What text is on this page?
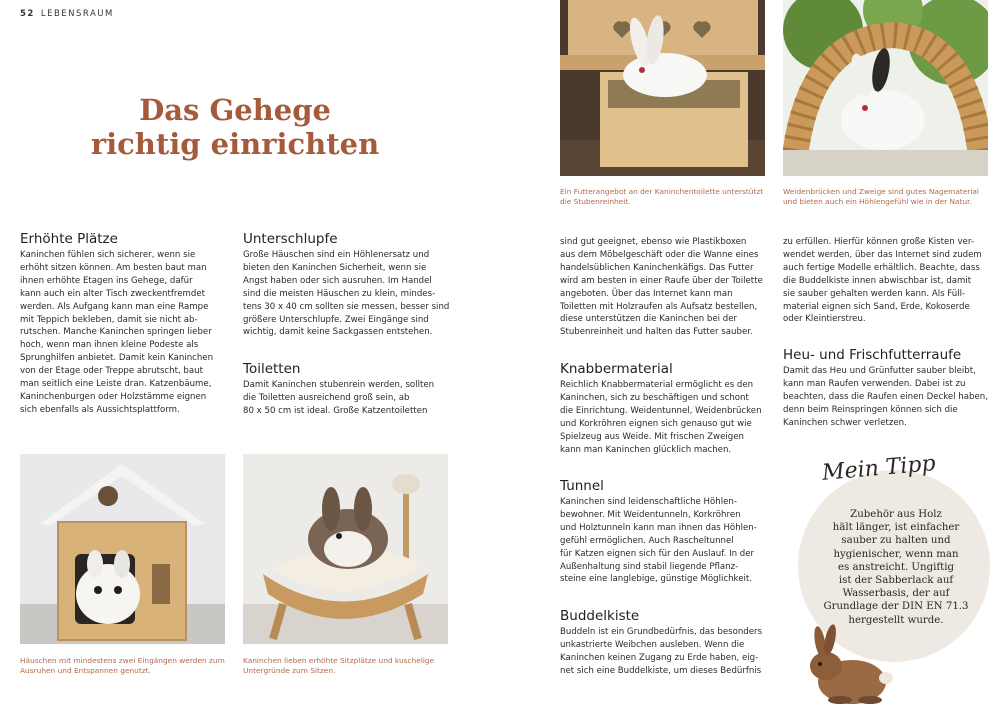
52 LEBENSRAUM
Das Gehege
richtig einrichten
Erhöhte Plätze
Kaninchen fühlen sich sicherer, wenn sie
erhöht sitzen können. Am besten baut man
ihnen erhöhte Etagen ins Gehege, dafür
kann auch ein alter Tisch zweckentfremdet
werden. Als Aufgang kann man eine Rampe
mit Teppich bekleben, damit sie nicht ab-
rutschen. Manche Kaninchen springen lieber
hoch, wenn man ihnen kleine Podeste als
Sprunghilfen anbietet. Damit kein Kaninchen
von der Etage oder Treppe abrutscht, baut
man seitlich eine Leiste dran. Katzenbäume,
Kaninchenburgen oder Holzstämme eignen
sich ebenfalls als Aussichtsplattform.
Unterschlupfe
Große Häuschen sind ein Höhlenersatz und
bieten den Kaninchen Sicherheit, wenn sie
Angst haben oder sich ausruhen. Im Handel
sind die meisten Häuschen zu klein, mindes-
tens 30 x 40 cm sollten sie messen, besser sind
größere Unterschlupfe. Zwei Eingänge sind
wichtig, damit keine Sackgassen entstehen.
Toiletten
Damit Kaninchen stubenrein werden, sollten
die Toiletten ausreichend groß sein, ab
80 x 50 cm ist ideal. Große Katzentoiletten
Häuschen mit mindestens zwei Eingängen werden zum
Ausruhen und Entspannen genutzt.
Kaninchen lieben erhöhte Sitzplätze und kuschelige
Untergründe zum Sitzen.
Ein Futterangebot an der Kaninchentoilette unterstützt
die Stubenreinheit.
Weidenbrücken und Zweige sind gutes Nagematerial
und bieten auch ein Höhlengefühl wie in der Natur.
sind gut geeignet, ebenso wie Plastikboxen
aus dem Möbelgeschäft oder die Wanne eines
handelsüblichen Kaninchenkäfigs. Das Futter
wird am besten in einer Raufe über der Toilette
angeboten. Über das Internet kann man
Toiletten mit Holzraufen als Aufsatz bestellen,
diese unterstützen die Kaninchen bei der
Stubenreinheit und halten das Futter sauber.
Knabbermaterial
Reichlich Knabbermaterial ermöglicht es den
Kaninchen, sich zu beschäftigen und schont
die Einrichtung. Weidentunnel, Weidenbrücken
und Korkröhren eignen sich genauso gut wie
Spielzeug aus Weide. Mit frischen Zweigen
kann man Kaninchen glücklich machen.
Tunnel
Kaninchen sind leidenschaftliche Höhlen-
bewohner. Mit Weidentunneln, Korkröhren
und Holztunneln kann man ihnen das Höhlen-
gefühl ermöglichen. Auch Rascheltunnel
für Katzen eignen sich für den Auslauf. In der
Außenhaltung sind stabil liegende Pflanz-
steine eine langlebige, günstige Möglichkeit.
Buddelkiste
Buddeln ist ein Grundbedürfnis, das besonders
unkastrierte Weibchen ausleben. Wenn die
Kaninchen keinen Zugang zu Erde haben, eig-
net sich eine Buddelkiste, um dieses Bedürfnis
zu erfüllen. Hierfür können große Kisten ver-
wendet werden, über das Internet sind zudem
auch fertige Modelle erhältlich. Beachte, dass
die Buddelkiste innen abwischbar ist, damit
sie sauber gehalten werden kann. Als Füll-
material eignen sich Sand, Erde, Kokoserde
oder Kleintierstreu.
Heu- und Frischfutterraufe
Damit das Heu und Grünfutter sauber bleibt,
kann man Raufen verwenden. Dabei ist zu
beachten, dass die Raufen einen Deckel haben,
denn beim Reinspringen können sich die
Kaninchen schwer verletzen.
Mein Tipp
Zubehör aus Holz
hält länger, ist einfacher
sauber zu halten und
hygienischer, wenn man
es anstreicht. Ungiftig
ist der Sabberlack auf
Wasserbasis, der auf
Grundlage der DIN EN 71.3
hergestellt wurde.
